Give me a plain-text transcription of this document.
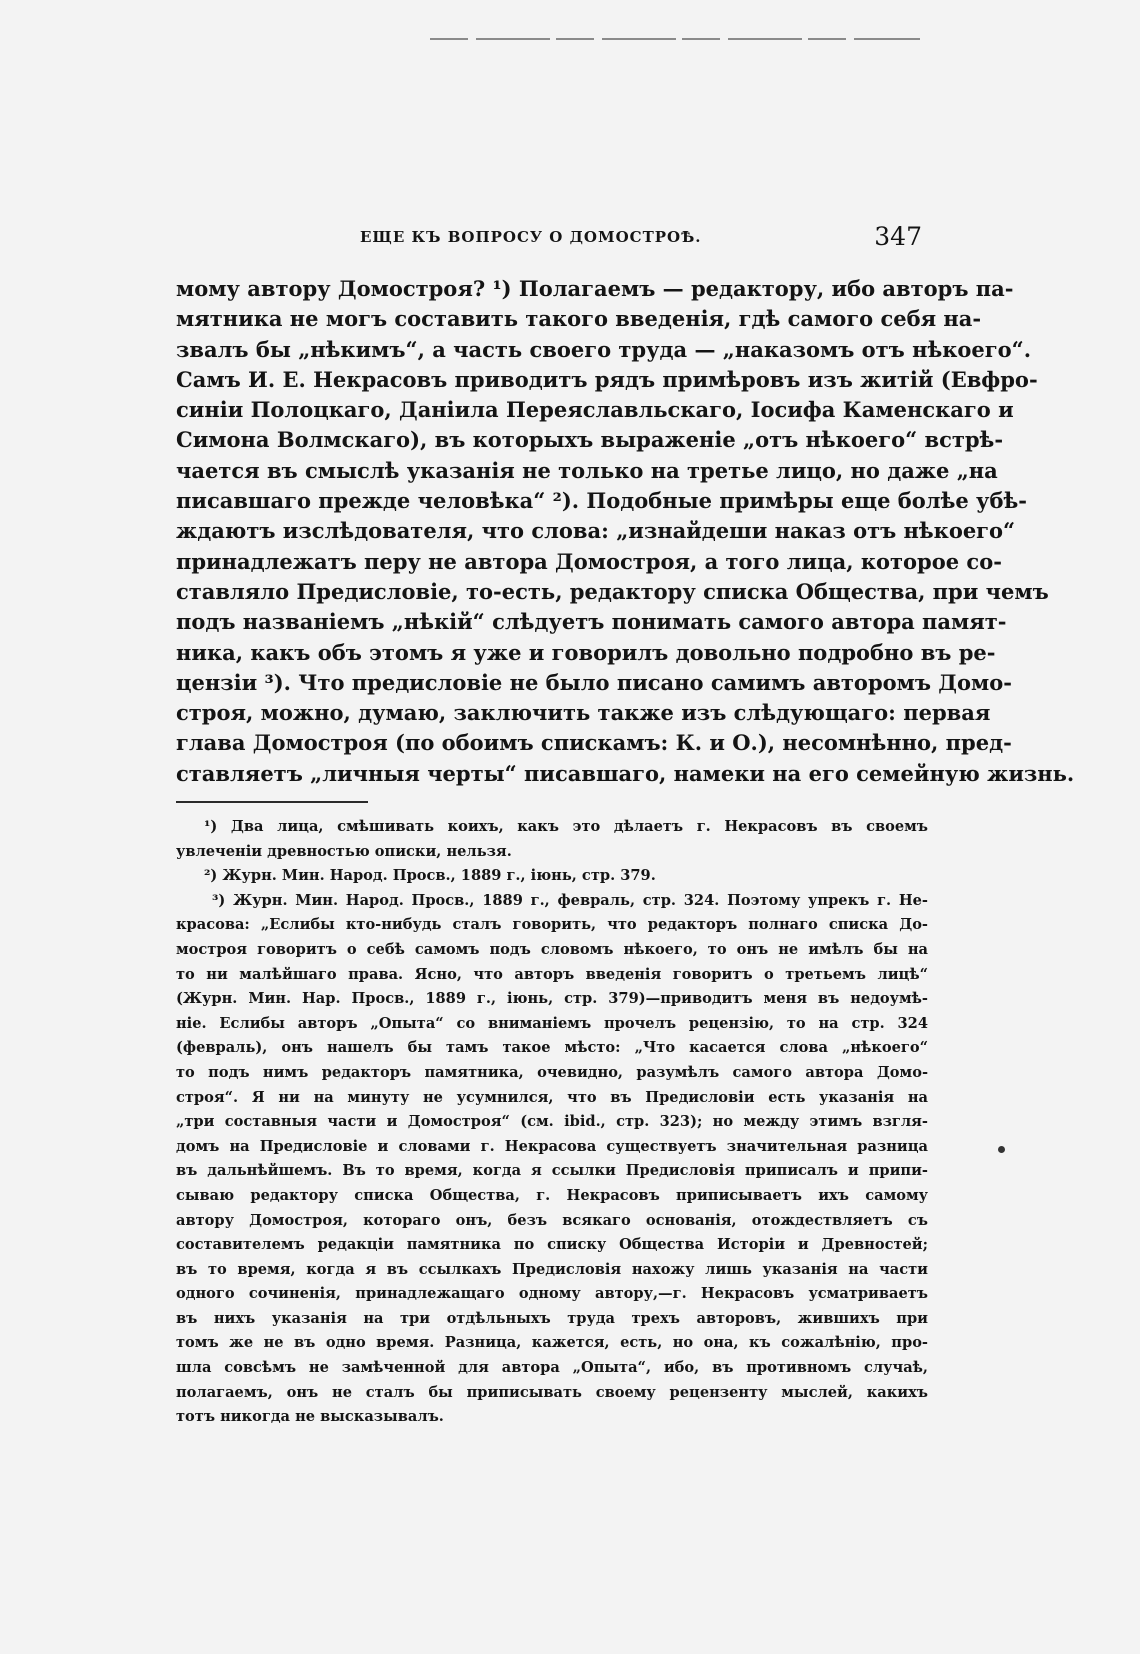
ЕЩЕ КЪ ВОПРОСУ О ДОМОСТРОѢ.	347
мому автору Домостроя? ¹) Полагаемъ — редактору, ибо авторъ па-
мятника не могъ составить такого введенія, гдѣ самого себя на-
звалъ бы „нѣкимъ“, а часть своего труда — „наказомъ отъ нѣкоего“.
Самъ И. Е. Некрасовъ приводитъ рядъ примѣровъ изъ житій (Евфро-
синіи Полоцкаго, Даніила Переяславльскаго, Іосифа Каменскаго и
Симона Волмскаго), въ которыхъ выраженіе „отъ нѣкоего“ встрѣ-
чается въ смыслѣ указанія не только на третье лицо, но даже „на
писавшаго прежде человѣка“ ²). Подобные примѣры еще болѣе убѣ-
ждаютъ изслѣдователя, что слова: „изнайдеши наказ отъ нѣкоего“
принадлежатъ перу не автора Домостроя, а того лица, которое со-
ставляло Предисловіе, то-есть, редактору списка Общества, при чемъ
подъ названіемъ „нѣкій“ слѣдуетъ понимать самого автора памят-
ника, какъ объ этомъ я уже и говорилъ довольно подробно въ ре-
цензіи ³). Что предисловіе не было писано самимъ авторомъ Домо-
строя, можно, думаю, заключить также изъ слѣдующаго: первая
глава Домостроя (по обоимъ спискамъ: К. и О.), несомнѣнно, пред-
ставляетъ „личныя черты“ писавшаго, намеки на его семейную жизнь.
¹) Два лица, смѣшивать коихъ, какъ это дѣлаетъ г. Некрасовъ въ своемъ
увлеченіи древностью описки, нельзя.
²) Журн. Мин. Народ. Просв., 1889 г., іюнь, стр. 379.
³) Журн. Мин. Народ. Просв., 1889 г., февраль, стр. 324. Поэтому упрекъ г. Не-
красова: „Еслибы кто-нибудь сталъ говорить, что редакторъ полнаго списка До-
мостроя говоритъ о себѣ самомъ подъ словомъ нѣкоего, то онъ не имѣлъ бы на
то ни малѣйшаго права. Ясно, что авторъ введенія говоритъ о третьемъ лицѣ“
(Журн. Мин. Нар. Просв., 1889 г., іюнь, стр. 379)—приводитъ меня въ недоумѣ-
ніе. Еслибы авторъ „Опыта“ со вниманіемъ прочелъ рецензію, то на стр. 324
(февраль), онъ нашелъ бы тамъ такое мѣсто: „Что касается слова „нѣкоего“
то подъ нимъ редакторъ памятника, очевидно, разумѣлъ самого автора Домо-
строя“. Я ни на минуту не усумнился, что въ Предисловіи есть указанія на
„три составныя части и Домостроя“ (см. ibid., стр. 323); но между этимъ взгля-
домъ на Предисловіе и словами г. Некрасова существуетъ значительная разница
въ дальнѣйшемъ. Въ то время, когда я ссылки Предисловія приписалъ и припи-
сываю редактору списка Общества, г. Некрасовъ приписываетъ ихъ самому
автору Домостроя, котораго онъ, безъ всякаго основанія, отождествляетъ съ
составителемъ редакціи памятника по списку Общества Исторіи и Древностей;
въ то время, когда я въ ссылкахъ Предисловія нахожу лишь указанія на части
одного сочиненія, принадлежащаго одному автору,—г. Некрасовъ усматриваетъ
въ нихъ указанія на три отдѣльныхъ труда трехъ авторовъ, жившихъ при
томъ же не въ одно время. Разница, кажется, есть, но она, къ сожалѣнію, про-
шла совсѣмъ не замѣченной для автора „Опыта“, ибо, въ противномъ случаѣ,
полагаемъ, онъ не сталъ бы приписывать своему рецензенту мыслей, какихъ
тотъ никогда не высказывалъ.
